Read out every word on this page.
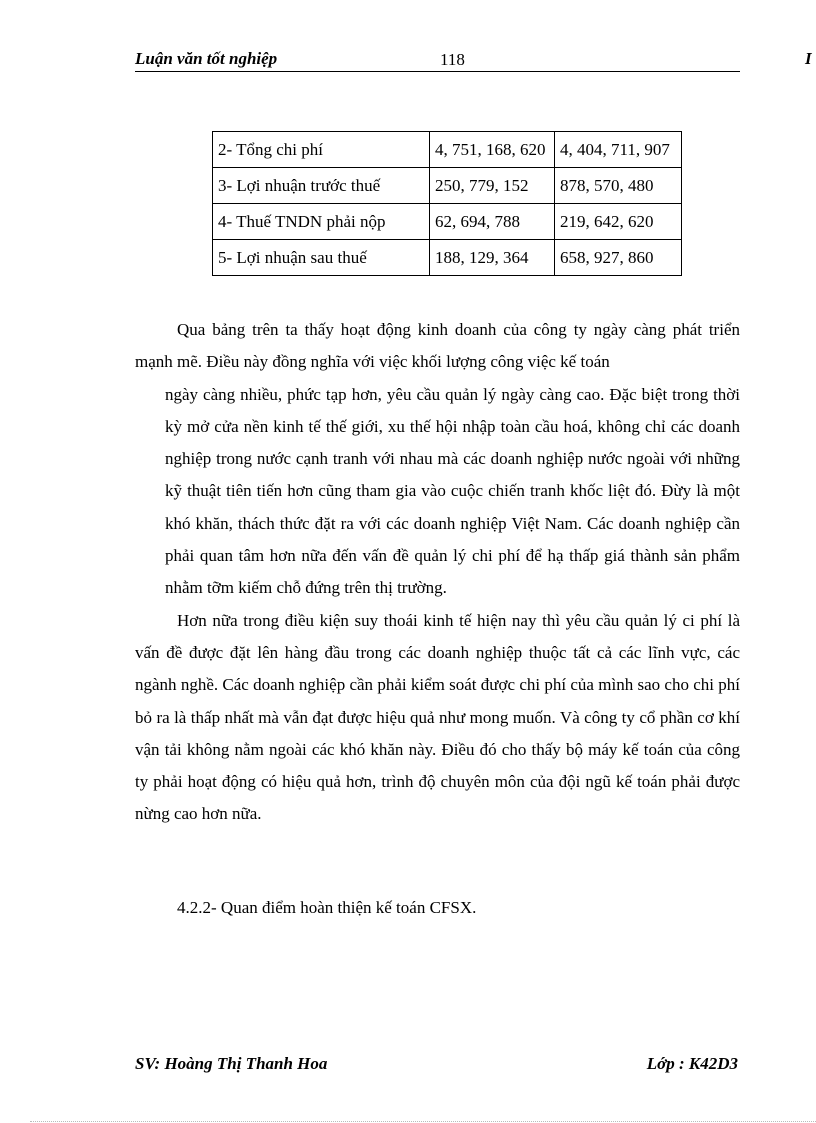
Luận văn tốt nghiệp	118	I
2- Tổng chi phí	4, 751, 168, 620	4, 404, 711, 907
3- Lợi nhuận trước thuế	250, 779, 152	878, 570, 480
4- Thuế TNDN phải nộp	62, 694, 788	219, 642, 620
5- Lợi nhuận sau thuế	188, 129, 364	658, 927, 860

Qua bảng trên ta thấy hoạt động kinh doanh của công ty ngày càng phát triển mạnh mẽ. Điều này đồng nghĩa với việc khối lượng công việc kế toán

ngày càng nhiều, phức tạp hơn, yêu cầu quản lý ngày càng cao. Đặc biệt trong thời kỳ mở cửa nền kinh tế thế giới, xu thế hội nhập toàn cầu hoá, không chỉ các doanh nghiệp trong nước cạnh tranh với nhau mà các doanh nghiệp nước ngoài với những kỹ thuật tiên tiến hơn cũng tham gia vào cuộc chiến tranh khốc liệt đó. Đừy là một khó khăn, thách thức đặt ra với các doanh nghiệp Việt Nam. Các doanh nghiệp cần phải quan tâm hơn nữa đến vấn đề quản lý chi phí để hạ thấp giá thành sản phẩm nhằm tỡm kiếm chỗ đứng trên thị trường.

Hơn nữa trong điều kiện suy thoái kinh tế hiện nay thì yêu cầu quản lý ci phí là vấn đề được đặt lên hàng đầu trong các doanh nghiệp thuộc tất cả các lĩnh vực, các ngành nghề. Các doanh nghiệp cần phải kiểm soát được chi phí của mình sao cho chi phí bỏ ra là thấp nhất mà vẫn đạt được hiệu quả như mong muốn. Và công ty cổ phần cơ khí vận tải không nằm ngoài các khó khăn này. Điều đó cho thấy bộ máy kế toán của công ty phải hoạt động có hiệu quả hơn, trình độ chuyên môn của đội ngũ kế toán phải được nừng cao hơn nữa.

4.2.2- Quan điểm hoàn thiện kế toán CFSX.
SV: Hoàng Thị Thanh Hoa	Lớp : K42D3
